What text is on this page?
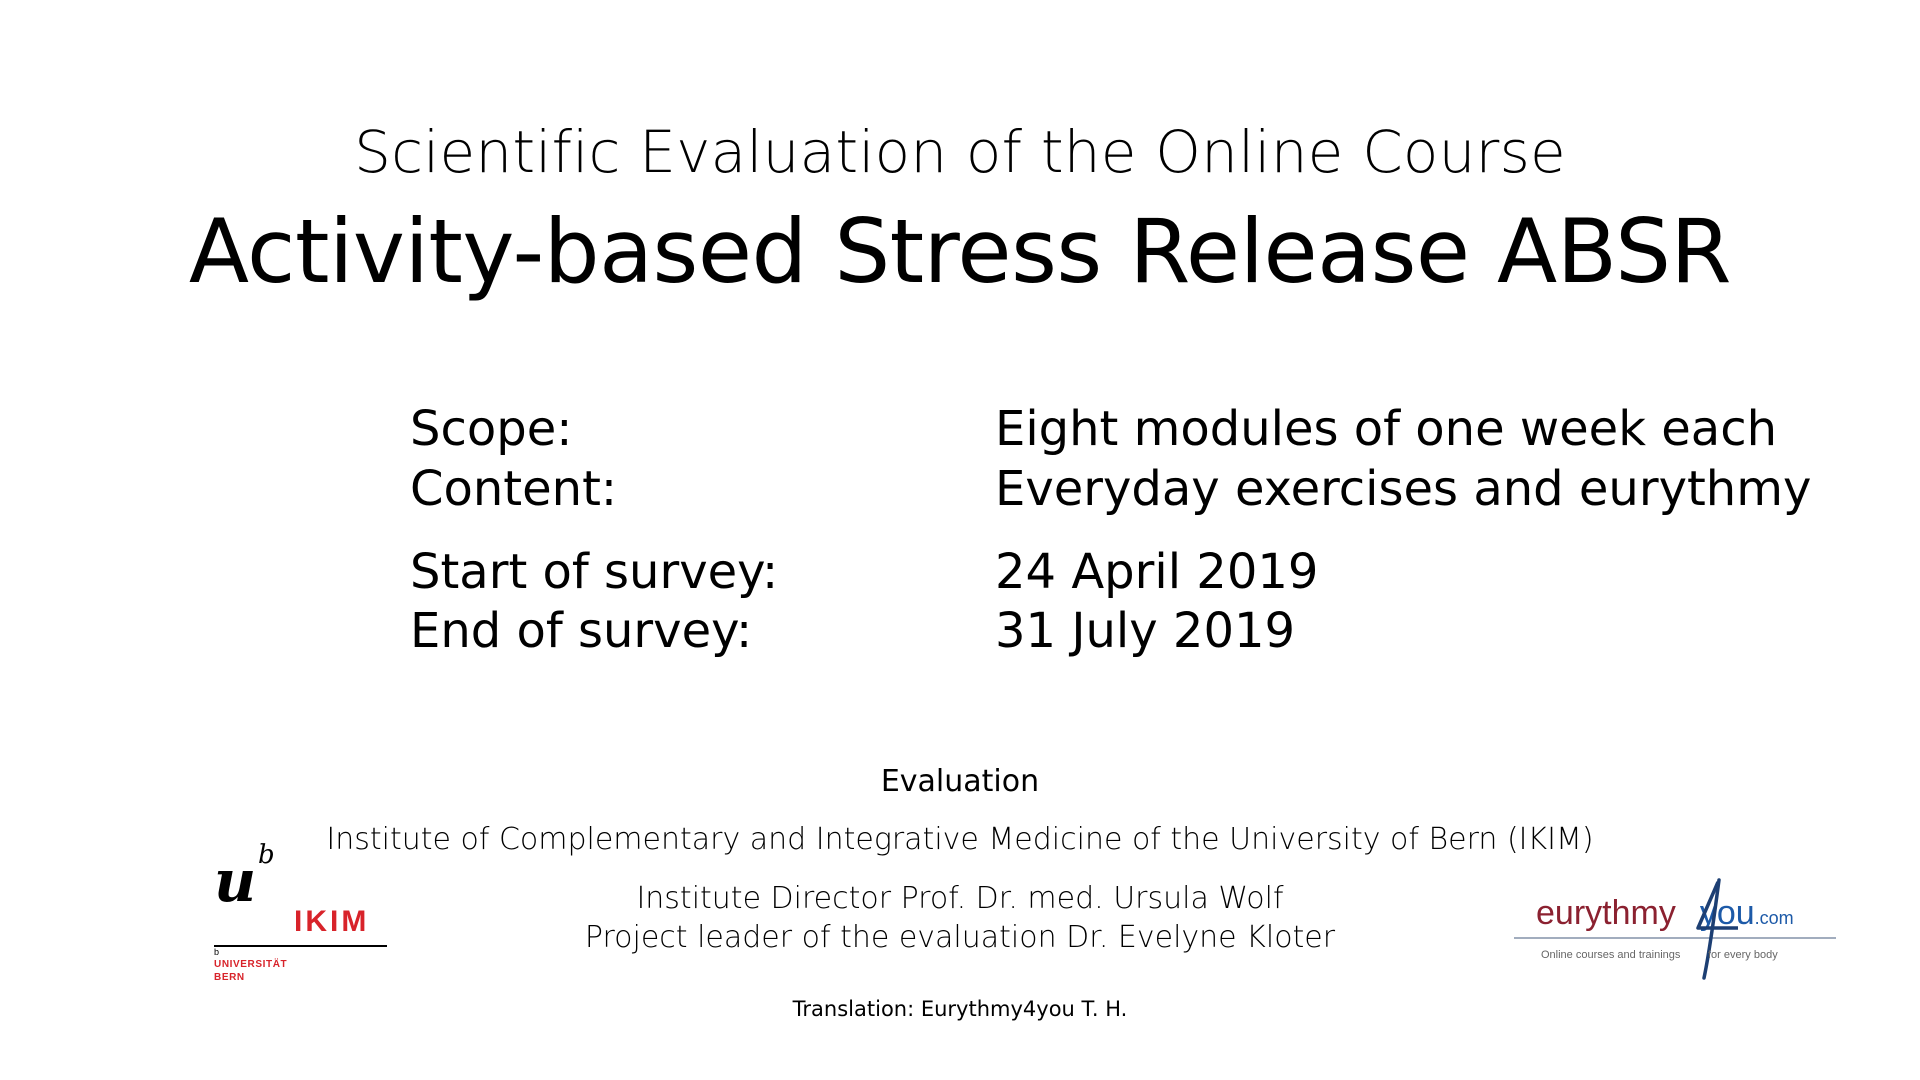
Scientific Evaluation of the Online Course
Activity-based Stress Release ABSR
Scope:	Eight modules of one week each
Content:	Everyday exercises and eurythmy
Start of survey:	24 April 2019
End of survey:	31 July 2019
Evaluation
Institute of Complementary and Integrative Medicine of the University of Bern (IKIM)
Institute Director Prof. Dr. med. Ursula Wolf
Project leader of the evaluation Dr. Evelyne Kloter
Translation: Eurythmy4you T. H.
u b
IKIM
b
UNIVERSITÄT
BERN
eurythmy you.com
Online courses and trainings	for every body
